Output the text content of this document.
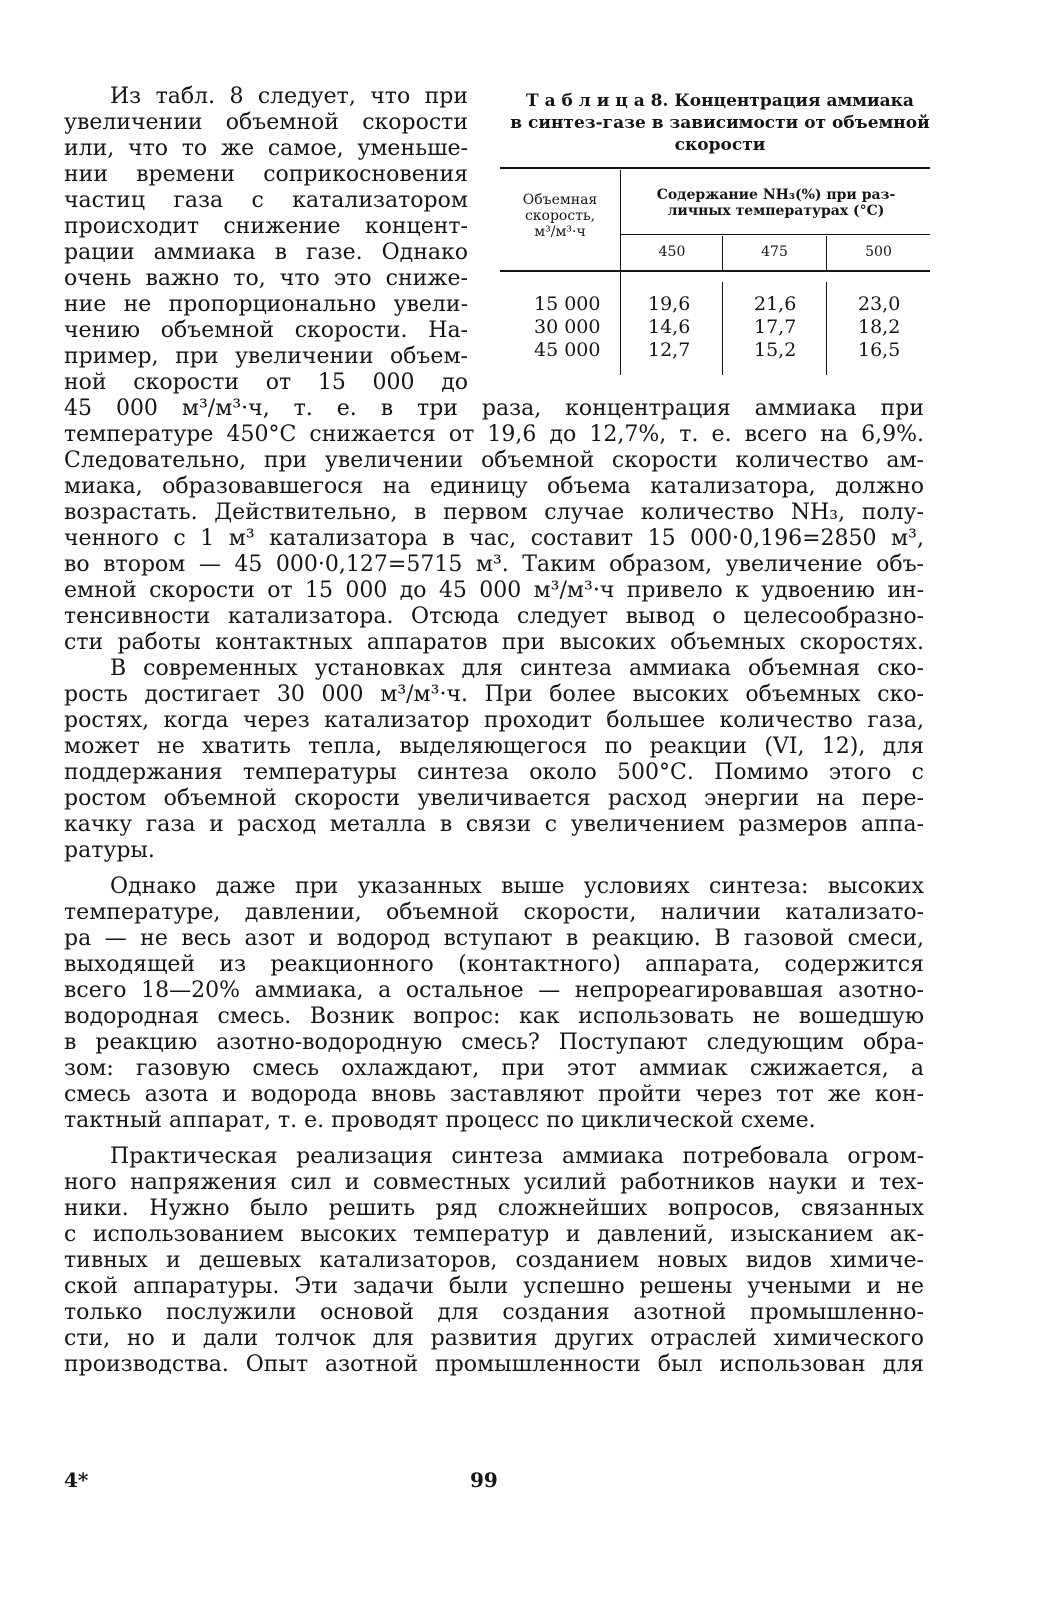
Т а б л и ц а 8. Концентрация аммиака
в синтез-газе в зависимости от объемной
скорости
Объемная
скорость,
м³/м³·ч
Содержание NH₃(%) при раз-
личных температурах (°С)
450	475	500
15 000	19,6	21,6	23,0
30 000	14,6	17,7	18,2
45 000	12,7	15,2	16,5
Из табл. 8 следует, что при
увеличении объемной скорости
или, что то же самое, уменьше-
нии времени соприкосновения
частиц газа с катализатором
происходит снижение концент-
рации аммиака в газе. Однако
очень важно то, что это сниже-
ние не пропорционально увели-
чению объемной скорости. На-
пример, при увеличении объем-
ной скорости от 15 000 до
45 000 м³/м³·ч, т. е. в три раза, концентрация аммиака при
температуре 450°С снижается от 19,6 до 12,7%, т. е. всего на 6,9%.
Следовательно, при увеличении объемной скорости количество ам-
миака, образовавшегося на единицу объема катализатора, должно
возрастать. Действительно, в первом случае количество NH₃, полу-
ченного с 1 м³ катализатора в час, составит 15 000·0,196=2850 м³,
во втором — 45 000·0,127=5715 м³. Таким образом, увеличение объ-
емной скорости от 15 000 до 45 000 м³/м³·ч привело к удвоению ин-
тенсивности катализатора. Отсюда следует вывод о целесообразно-
сти работы контактных аппаратов при высоких объемных скоростях.
В современных установках для синтеза аммиака объемная ско-
рость достигает 30 000 м³/м³·ч. При более высоких объемных ско-
ростях, когда через катализатор проходит большее количество газа,
может не хватить тепла, выделяющегося по реакции (VI, 12), для
поддержания температуры синтеза около 500°С. Помимо этого с
ростом объемной скорости увеличивается расход энергии на пере-
качку газа и расход металла в связи с увеличением размеров аппа-
ратуры.
Однако даже при указанных выше условиях синтеза: высоких
температуре, давлении, объемной скорости, наличии катализато-
ра — не весь азот и водород вступают в реакцию. В газовой смеси,
выходящей из реакционного (контактного) аппарата, содержится
всего 18—20% аммиака, а остальное — непрореагировавшая азотно-
водородная смесь. Возник вопрос: как использовать не вошедшую
в реакцию азотно-водородную смесь? Поступают следующим обра-
зом: газовую смесь охлаждают, при этот аммиак сжижается, а
смесь азота и водорода вновь заставляют пройти через тот же кон-
тактный аппарат, т. е. проводят процесс по циклической схеме.
Практическая реализация синтеза аммиака потребовала огром-
ного напряжения сил и совместных усилий работников науки и тех-
ники. Нужно было решить ряд сложнейших вопросов, связанных
с использованием высоких температур и давлений, изысканием ак-
тивных и дешевых катализаторов, созданием новых видов химиче-
ской аппаратуры. Эти задачи были успешно решены учеными и не
только послужили основой для создания азотной промышленно-
сти, но и дали толчок для развития других отраслей химического
производства. Опыт азотной промышленности был использован для
4*	99
